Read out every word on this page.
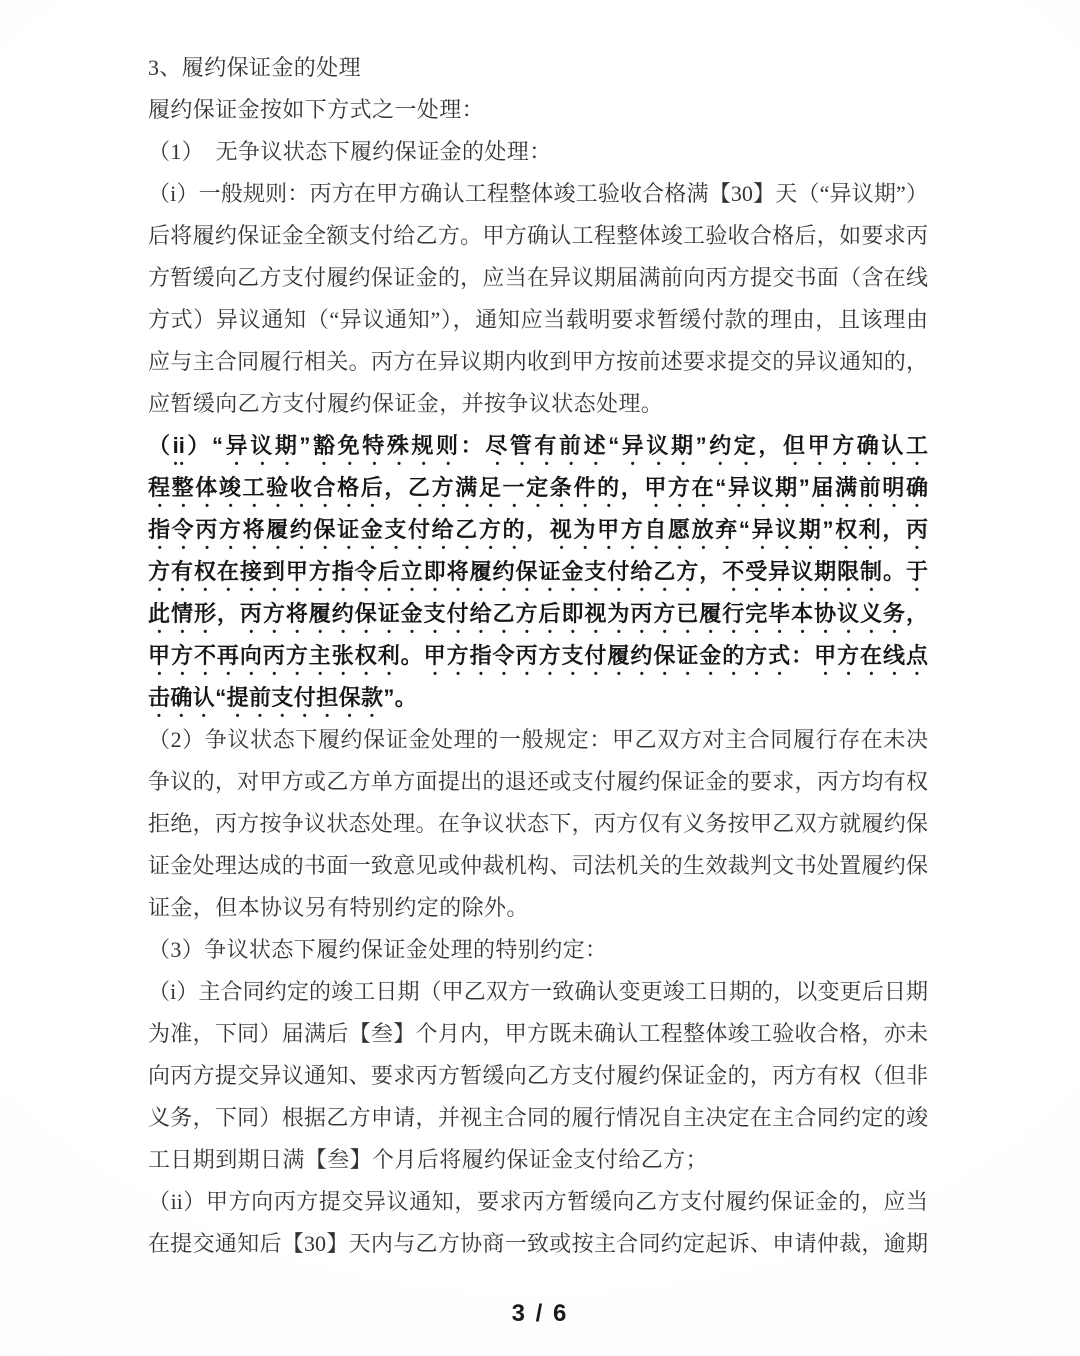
3、履约保证金的处理
履约保证金按如下方式之一处理：
（1）　无争议状态下履约保证金的处理：
（i）一般规则：丙方在甲方确认工程整体竣工验收合格满【30】天（“异议期”）
后将履约保证金全额支付给乙方。甲方确认工程整体竣工验收合格后，如要求丙
方暂缓向乙方支付履约保证金的，应当在异议期届满前向丙方提交书面（含在线
方式）异议通知（“异议通知”），通知应当载明要求暂缓付款的理由，且该理由
应与主合同履行相关。丙方在异议期内收到甲方按前述要求提交的异议通知的，
应暂缓向乙方支付履约保证金，并按争议状态处理。
（ii）“异议期”豁免特殊规则：尽管有前述“异议期”约定，但甲方确认工
程整体竣工验收合格后，乙方满足一定条件的，甲方在“异议期”届满前明确
指令丙方将履约保证金支付给乙方的，视为甲方自愿放弃“异议期”权利，丙
方有权在接到甲方指令后立即将履约保证金支付给乙方，不受异议期限制。于
此情形，丙方将履约保证金支付给乙方后即视为丙方已履行完毕本协议义务，
甲方不再向丙方主张权利。甲方指令丙方支付履约保证金的方式：甲方在线点
击确认“提前支付担保款”。
（2）争议状态下履约保证金处理的一般规定：甲乙双方对主合同履行存在未决
争议的，对甲方或乙方单方面提出的退还或支付履约保证金的要求，丙方均有权
拒绝，丙方按争议状态处理。在争议状态下，丙方仅有义务按甲乙双方就履约保
证金处理达成的书面一致意见或仲裁机构、司法机关的生效裁判文书处置履约保
证金，但本协议另有特别约定的除外。
（3）争议状态下履约保证金处理的特别约定：
（i）主合同约定的竣工日期（甲乙双方一致确认变更竣工日期的，以变更后日期
为准，下同）届满后【叁】个月内，甲方既未确认工程整体竣工验收合格，亦未
向丙方提交异议通知、要求丙方暂缓向乙方支付履约保证金的，丙方有权（但非
义务，下同）根据乙方申请，并视主合同的履行情况自主决定在主合同约定的竣
工日期到期日满【叁】个月后将履约保证金支付给乙方；
（ii）甲方向丙方提交异议通知，要求丙方暂缓向乙方支付履约保证金的，应当
在提交通知后【30】天内与乙方协商一致或按主合同约定起诉、申请仲裁，逾期
3 / 6
